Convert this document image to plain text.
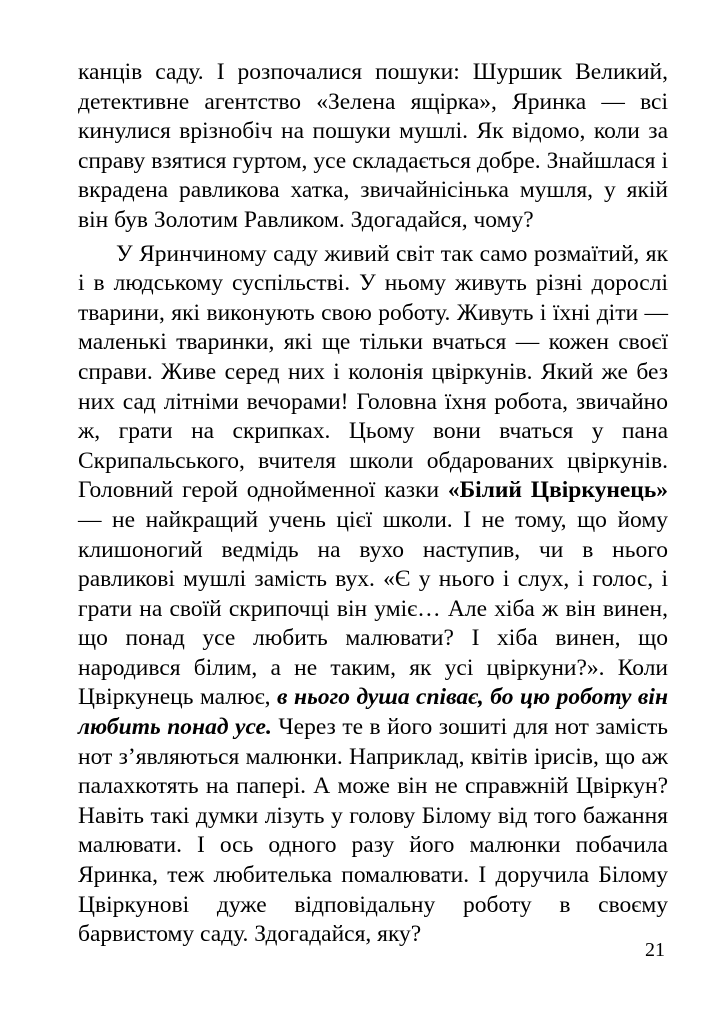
канців саду. І розпочалися пошуки: Шуршик Великий, детективне агентство «Зелена ящірка», Яринка — всі кинулися врізнобіч на пошуки мушлі. Як відомо, коли за справу взятися гуртом, усе складається добре. Знайшлася і вкрадена равликова хатка, звичайнісінька мушля, у якій він був Золотим Равликом. Здогадайся, чому?

У Яринчиному саду живий світ так само розмаїтий, як і в людському суспільстві. У ньому живуть різні дорослі тварини, які виконують свою роботу. Живуть і їхні діти — маленькі тваринки, які ще тільки вчаться — кожен своєї справи. Живе серед них і колонія цвіркунів. Який же без них сад літніми вечорами! Головна їхня робота, звичайно ж, грати на скрипках. Цьому вони вчаться у пана Скрипальського, вчителя школи обдарованих цвіркунів. Головний герой однойменної казки «Білий Цвіркунець» — не найкращий учень цієї школи. І не тому, що йому клишоногий ведмідь на вухо наступив, чи в нього равликові мушлі замість вух. «Є у нього і слух, і голос, і грати на своїй скрипочці він уміє… Але хіба ж він винен, що понад усе любить малювати? І хіба винен, що народився білим, а не таким, як усі цвіркуни?». Коли Цвіркунець малює, в нього душа співає, бо цю роботу він любить понад усе. Через те в його зошиті для нот замість нот з’являються малюнки. Наприклад, квітів ірисів, що аж палахкотять на папері. А може він не справжній Цвіркун? Навіть такі думки лізуть у голову Білому від того бажання малювати. І ось одного разу його малюнки побачила Яринка, теж любителька помалювати. І доручила Білому Цвіркунові дуже відповідальну роботу в своєму барвистому саду. Здогадайся, яку?

21
